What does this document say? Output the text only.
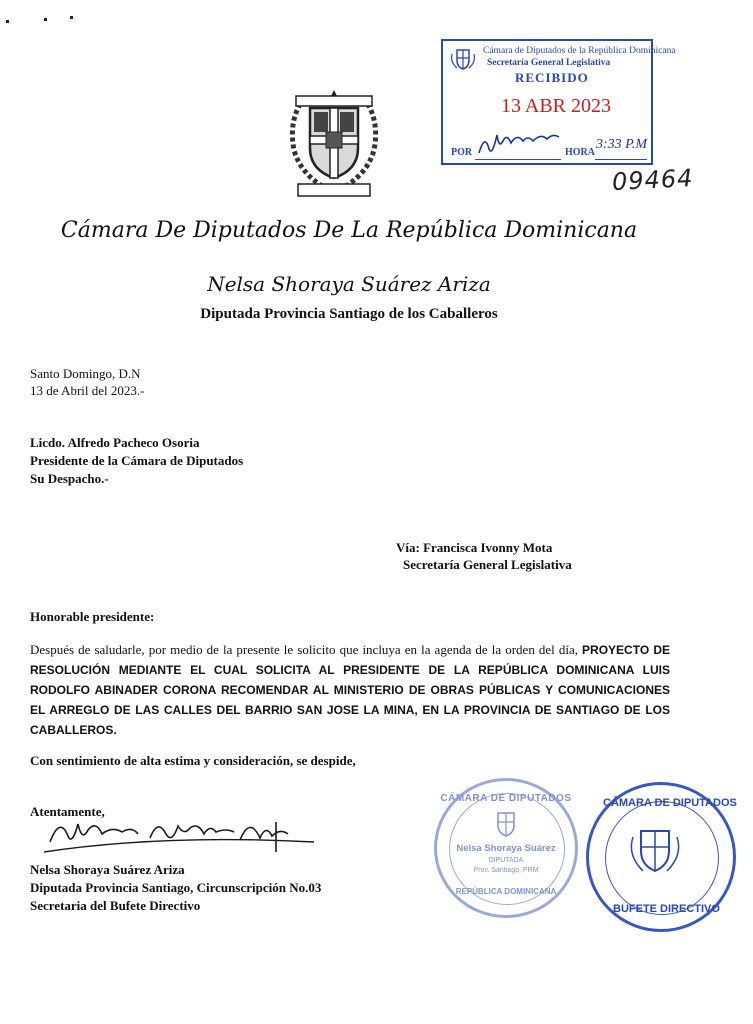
Cámara de Diputados de la República Dominicana
Secretaría General Legislativa
RECIBIDO
13 ABR 2023
POR	HORA
3:33 P.M
09464
Cámara De Diputados De La República Dominicana
Nelsa Shoraya Suárez Ariza
Diputada Provincia Santiago de los Caballeros
Santo Domingo, D.N
13 de Abril del 2023.-
Licdo. Alfredo Pacheco Osoria
Presidente de la Cámara de Diputados
Su Despacho.-
Vía: Francisca Ivonny Mota
Secretaría General Legislativa
Honorable presidente:
Después de saludarle, por medio de la presente le solicito que incluya en la agenda de la orden del día, PROYECTO DE RESOLUCIÓN MEDIANTE EL CUAL SOLICITA AL PRESIDENTE DE LA REPÚBLICA DOMINICANA LUIS RODOLFO ABINADER CORONA RECOMENDAR AL MINISTERIO DE OBRAS PÚBLICAS Y COMUNICACIONES EL ARREGLO DE LAS CALLES DEL BARRIO SAN JOSE LA MINA, EN LA PROVINCIA DE SANTIAGO DE LOS CABALLEROS.
Con sentimiento de alta estima y consideración, se despide,
Atentamente,
Nelsa Shoraya Suárez Ariza
Diputada Provincia Santiago, Circunscripción No.03
Secretaria del Bufete Directivo
CÁMARA DE DIPUTADOS
Nelsa Shoraya Suárez
DIPUTADA
Prov. Santiago, PRM
REPÚBLICA DOMINICANA
CÁMARA DE DIPUTADOS
BUFETE DIRECTIVO
